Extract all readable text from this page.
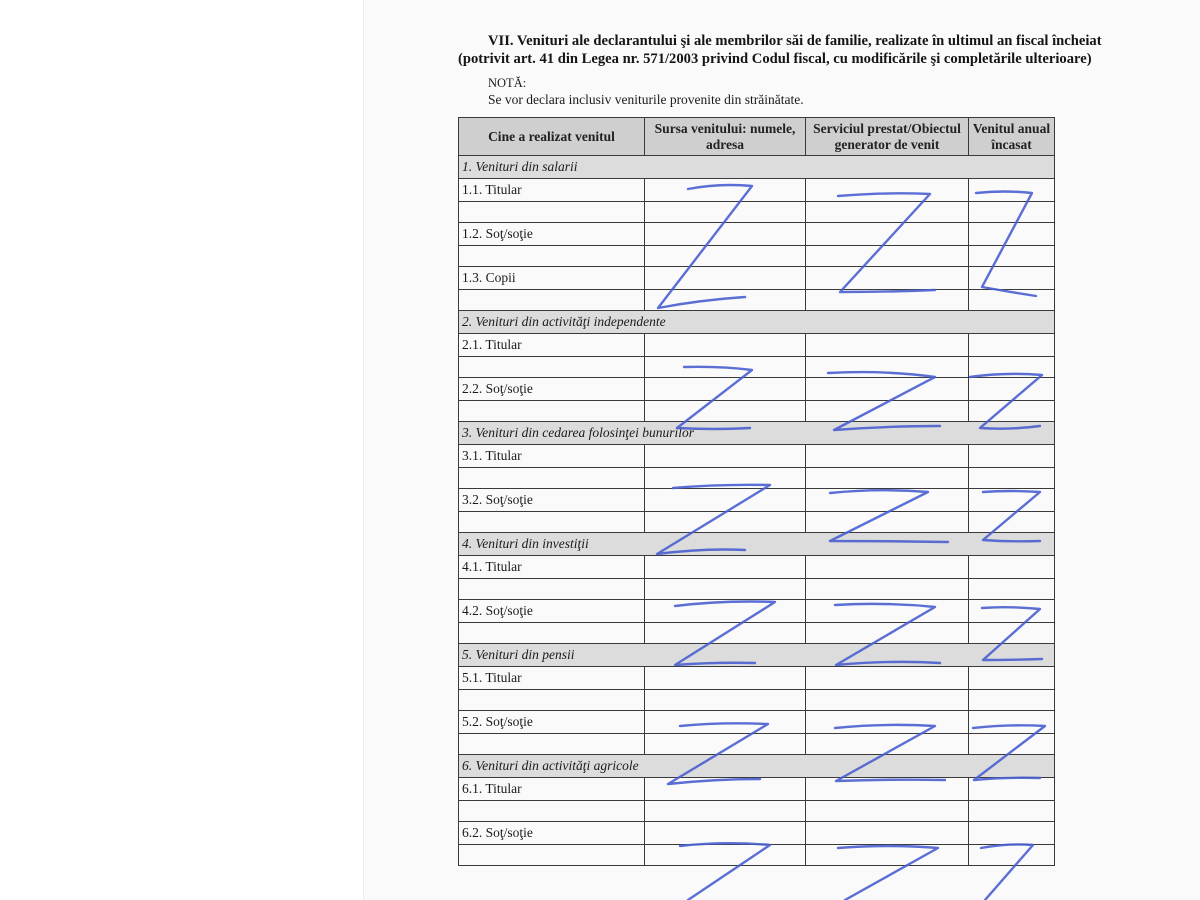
VII. Venituri ale declarantului şi ale membrilor săi de familie, realizate în ultimul an fiscal încheiat
(potrivit art. 41 din Legea nr. 571/2003 privind Codul fiscal, cu modificările şi completările ulterioare)
NOTĂ:
Se vor declara inclusiv veniturile provenite din străinătate.
Cine a realizat venitul	Sursa venitului: numele, adresa	Serviciul prestat/Obiectul generator de venit	Venitul anual încasat
1. Venituri din salarii			
1.1. Titular			

1.2. Soţ/soţie			

1.3. Copii			

2. Venituri din activităţi independente			
2.1. Titular			

2.2. Soţ/soţie			

3. Venituri din cedarea folosinţei bunurilor			
3.1. Titular			

3.2. Soţ/soţie			

4. Venituri din investiţii			
4.1. Titular			

4.2. Soţ/soţie			

5. Venituri din pensii			
5.1. Titular			

5.2. Soţ/soţie			

6. Venituri din activităţi agricole			
6.1. Titular			

6.2. Soţ/soţie			
